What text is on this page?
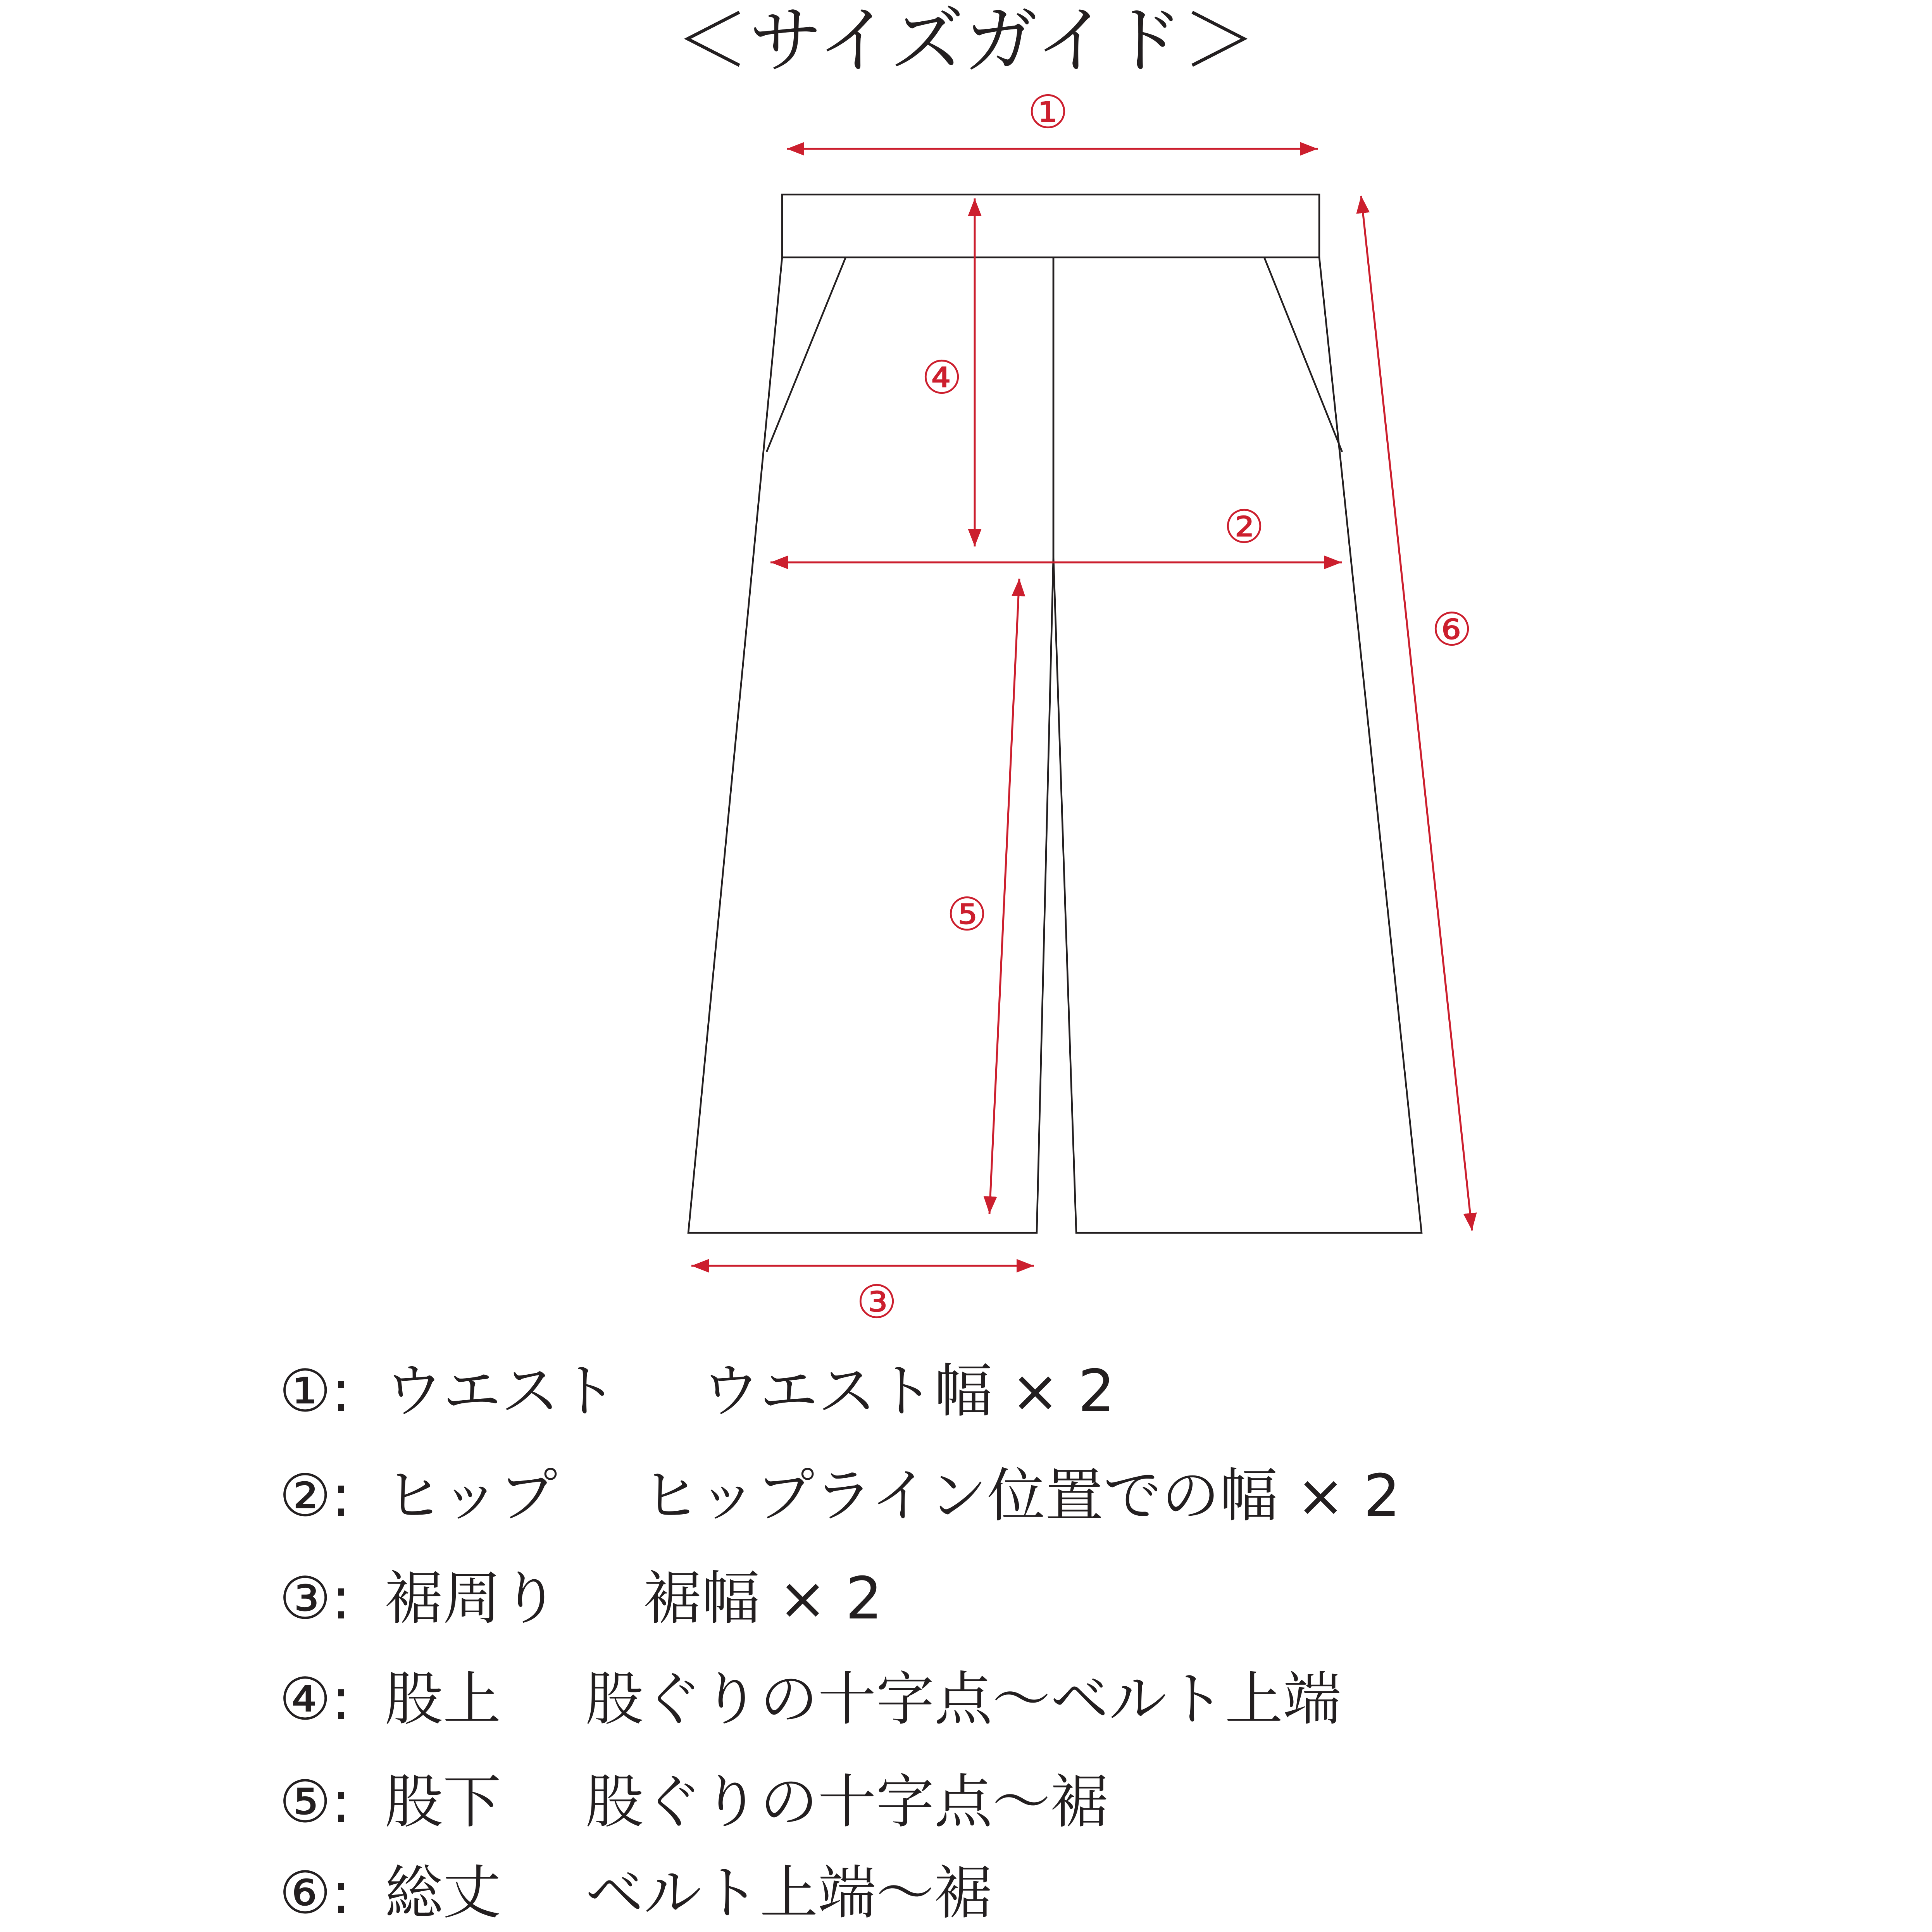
＜サイズガイド＞
①
②
③
④
⑤
⑥
①: ウエスト ウエスト幅 × 2
②: ヒップ ヒップライン位置での幅 × 2
③: 裾周り 裾幅 × 2
④: 股上 股ぐりの十字点〜ベルト上端
⑤: 股下 股ぐりの十字点〜裾
⑥: 総丈 ベルト上端〜裾
